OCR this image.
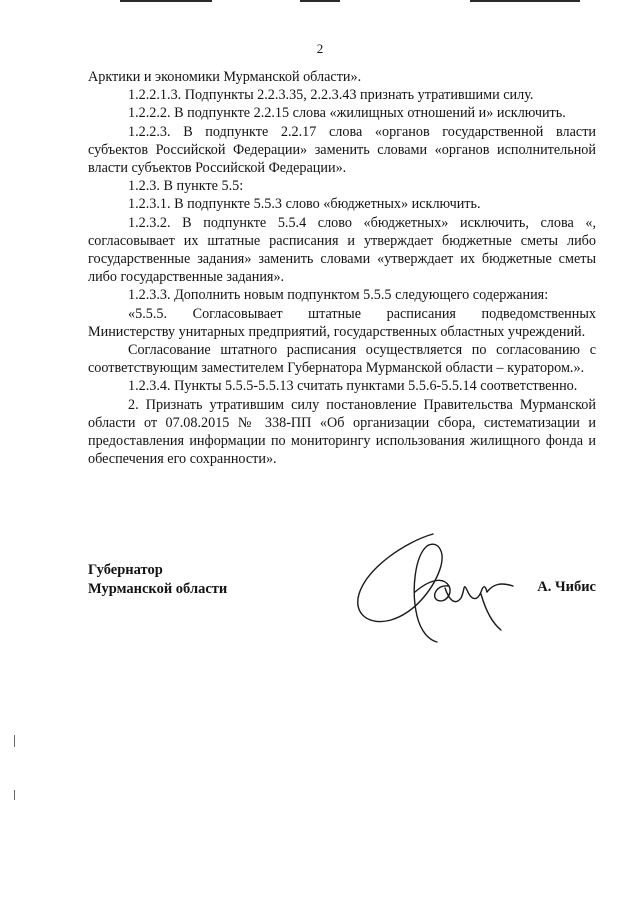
2

Арктики и экономики Мурманской области».

1.2.2.1.3. Подпункты 2.2.3.35, 2.2.3.43 признать утратившими силу.

1.2.2.2. В подпункте 2.2.15 слова «жилищных отношений и» исключить.

1.2.2.3. В подпункте 2.2.17 слова «органов государственной власти субъектов Российской Федерации» заменить словами «органов исполнительной власти субъектов Российской Федерации».

1.2.3. В пункте 5.5:

1.2.3.1. В подпункте 5.5.3 слово «бюджетных» исключить.

1.2.3.2. В подпункте 5.5.4 слово «бюджетных» исключить, слова «, согласовывает их штатные расписания и утверждает бюджетные сметы либо государственные задания» заменить словами «утверждает их бюджетные сметы либо государственные задания».

1.2.3.3. Дополнить новым подпунктом 5.5.5 следующего содержания:

«5.5.5. Согласовывает штатные расписания подведомственных Министерству унитарных предприятий, государственных областных учреждений.

Согласование штатного расписания осуществляется по согласованию с соответствующим заместителем Губернатора Мурманской области – куратором.».

1.2.3.4. Пункты 5.5.5-5.5.13 считать пунктами 5.5.6-5.5.14 соответственно.

2. Признать утратившим силу постановление Правительства Мурманской области от 07.08.2015 № 338-ПП «Об организации сбора, систематизации и предоставления информации по мониторингу использования жилищного фонда и обеспечения его сохранности».

Губернатор
Мурманской области	А. Чибис
